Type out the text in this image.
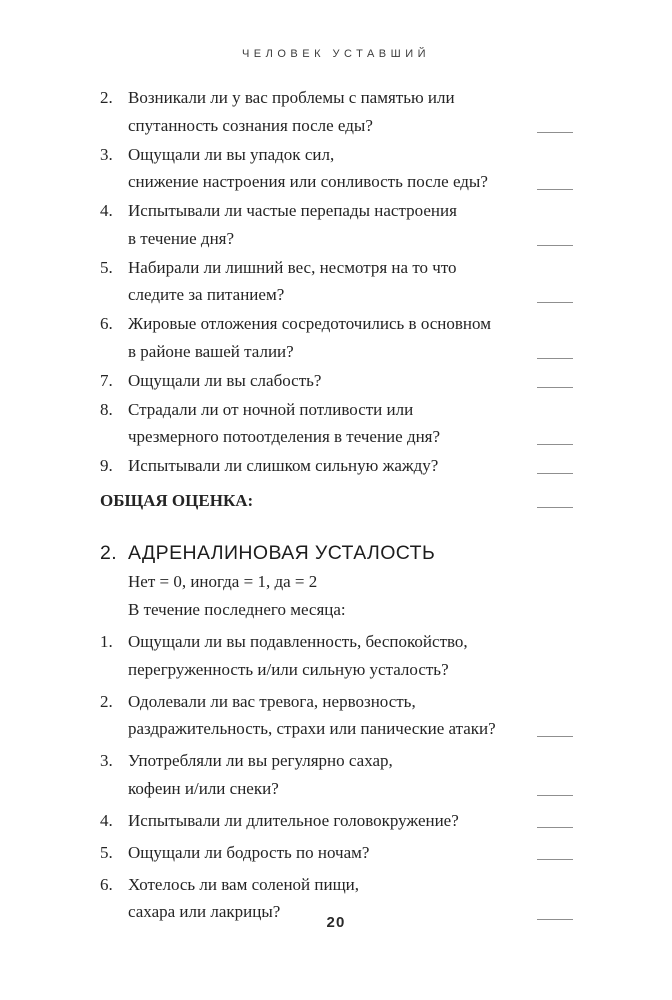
ЧЕЛОВЕК УСТАВШИЙ
2. Возникали ли у вас проблемы с памятью или
спутанность сознания после еды?
3. Ощущали ли вы упадок сил,
снижение настроения или сонливость после еды?
4. Испытывали ли частые перепады настроения
в течение дня?
5. Набирали ли лишний вес, несмотря на то что
следите за питанием?
6. Жировые отложения сосредоточились в основном
в районе вашей талии?
7. Ощущали ли вы слабость?
8. Страдали ли от ночной потливости или
чрезмерного потоотделения в течение дня?
9. Испытывали ли слишком сильную жажду?
ОБЩАЯ ОЦЕНКА:
2. АДРЕНАЛИНОВАЯ УСТАЛОСТЬ
Нет = 0, иногда = 1, да = 2
В течение последнего месяца:
1. Ощущали ли вы подавленность, беспокойство,
перегруженность и/или сильную усталость?
2. Одолевали ли вас тревога, нервозность,
раздражительность, страхи или панические атаки?
3. Употребляли ли вы регулярно сахар,
кофеин и/или снеки?
4. Испытывали ли длительное головокружение?
5. Ощущали ли бодрость по ночам?
6. Хотелось ли вам соленой пищи,
сахара или лакрицы?
20
